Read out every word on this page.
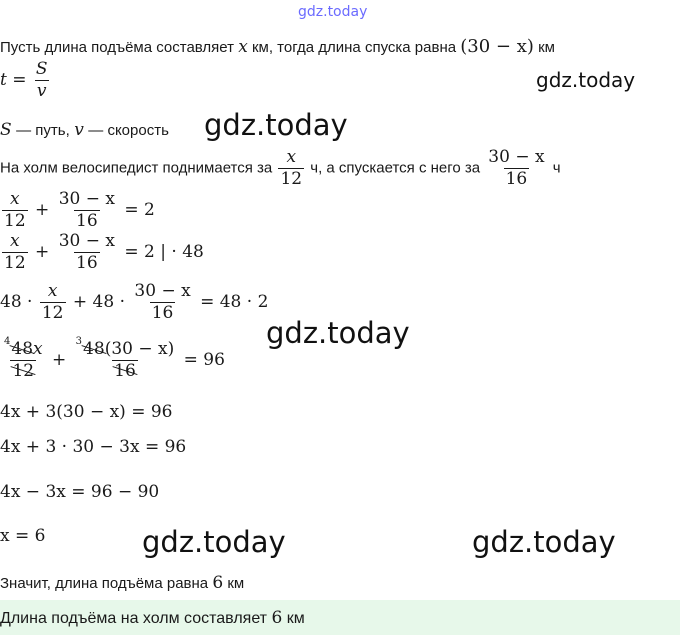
gdz.today
Пусть длина подъёма составляет x км, тогда длина спуска равна (30 − x) км
$t = \frac{S}{v}$	gdz.today
S — путь, v — скорость gdz.today
На холм велосипедист поднимается за $\frac{x}{12} ч$, а спускается с него за $\frac{30 - x}{16}$ ч
$\frac{x}{12} + \frac{30 - x}{16} = 2$
$\frac{x}{12} + \frac{30 - x}{16} = 2$ | · 48
$48 \cdot \frac{x}{12} + 48 \cdot \frac{30 - x}{16} = 48 \cdot 2$
gdz.today
$\frac{^448x}{12} + \frac{^348(30 - x)}{16} = 96$
4x + 3(30 − x) = 96
4x + 3 · 30 − 3x = 96
4x − 3x = 96 − 90
x = 6	gdz.today	gdz.today
Значит, длина подъёма равна 6 км
Длина подъёма на холм составляет 6 км
